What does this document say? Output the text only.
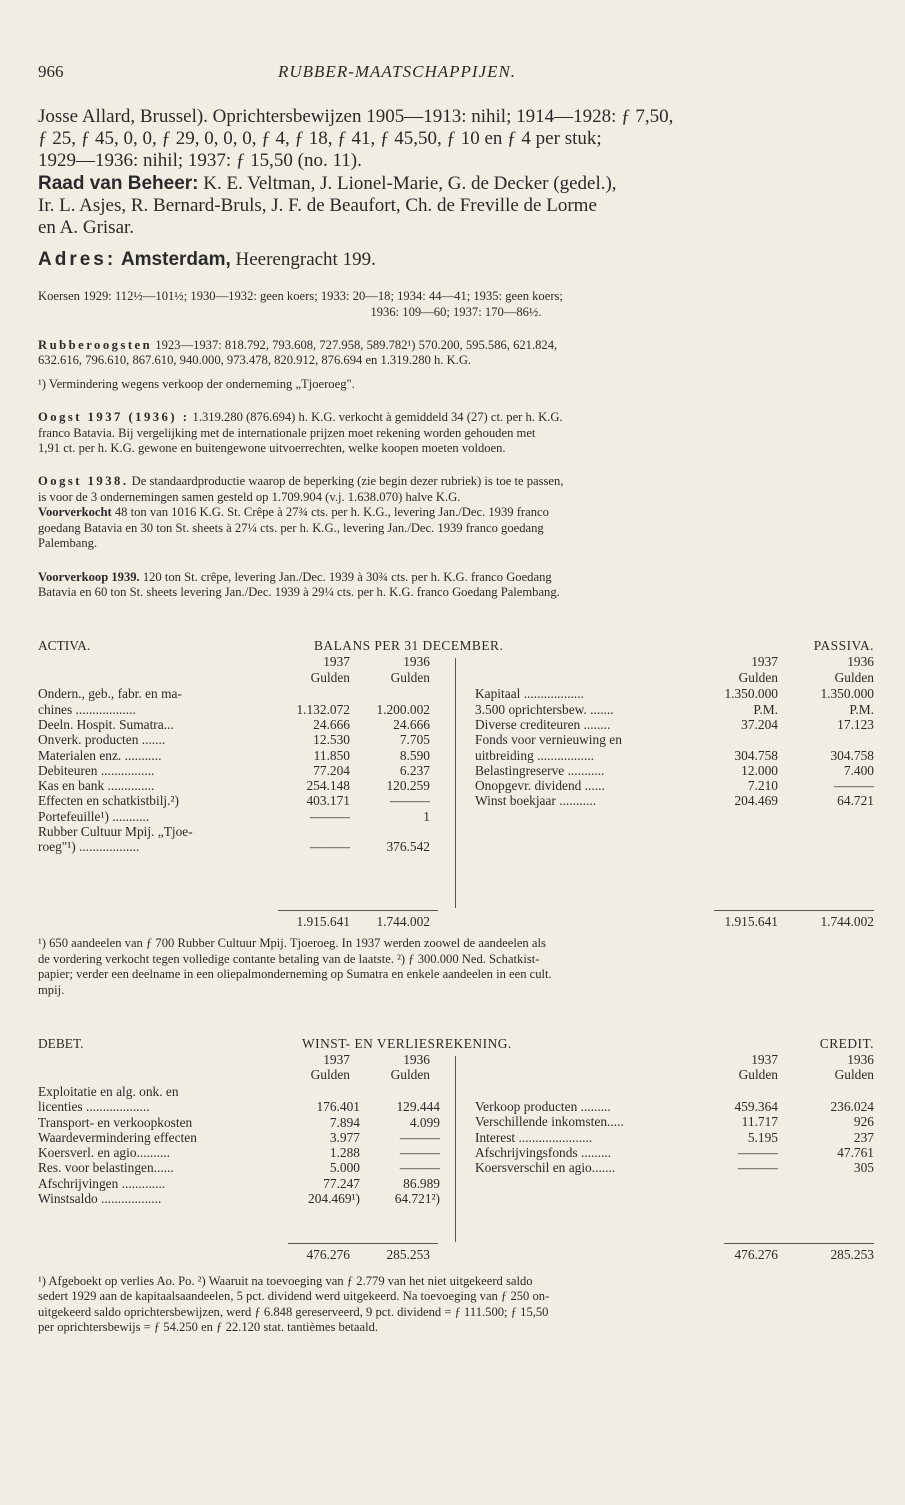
966	RUBBER-MAATSCHAPPIJEN.

Josse Allard, Brussel). Oprichtersbewijzen 1905—1913: nihil; 1914—1928: ƒ 7,50,

ƒ 25, ƒ 45, 0, 0, ƒ 29, 0, 0, 0, ƒ 4, ƒ 18, ƒ 41, ƒ 45,50, ƒ 10 en ƒ 4 per stuk;

1929—1936: nihil; 1937: ƒ 15,50 (no. 11).

Raad van Beheer: K. E. Veltman, J. Lionel-Marie, G. de Decker (gedel.),

Ir. L. Asjes, R. Bernard-Bruls, J. F. de Beaufort, Ch. de Freville de Lorme

en A. Grisar.

Adres: Amsterdam, Heerengracht 199.

Koersen 1929: 112½—101½; 1930—1932: geen koers; 1933: 20—18; 1934: 44—41; 1935: geen koers;

1936: 109—60; 1937: 170—86½.

Rubberoogsten 1923—1937: 818.792, 793.608, 727.958, 589.782¹) 570.200, 595.586, 621.824,

632.616, 796.610, 867.610, 940.000, 973.478, 820.912, 876.694 en 1.319.280 h. K.G.

¹) Vermindering wegens verkoop der onderneming „Tjoeroeg".

Oogst 1937 (1936) : 1.319.280 (876.694) h. K.G. verkocht à gemiddeld 34 (27) ct. per h. K.G.

franco Batavia. Bij vergelijking met de internationale prijzen moet rekening worden gehouden met

1,91 ct. per h. K.G. gewone en buitengewone uitvoerrechten, welke koopen moeten voldoen.

Oogst 1938. De standaardproductie waarop de beperking (zie begin dezer rubriek) is toe te passen,

is voor de 3 ondernemingen samen gesteld op 1.709.904 (v.j. 1.638.070) halve K.G.

Voorverkocht 48 ton van 1016 K.G. St. Crêpe à 27¾ cts. per h. K.G., levering Jan./Dec. 1939 franco

goedang Batavia en 30 ton St. sheets à 27¼ cts. per h. K.G., levering Jan./Dec. 1939 franco goedang

Palembang.

Voorverkoop 1939. 120 ton St. crêpe, levering Jan./Dec. 1939 à 30¾ cts. per h. K.G. franco Goedang

Batavia en 60 ton St. sheets levering Jan./Dec. 1939 à 29¼ cts. per h. K.G. franco Goedang Palembang.

ACTIVA.	BALANS PER 31 DECEMBER.	PASSIVA.
1937	1936	1937	1936
Gulden	Gulden	Gulden	Gulden
Ondern., geb., fabr. en ma-
chines ..................	1.132.072	1.200.002
Deeln. Hospit. Sumatra...	24.666	24.666
Onverk. producten .......	12.530	7.705
Materialen enz. ...........	11.850	8.590
Debiteuren ................	77.204	6.237
Kas en bank ..............	254.148	120.259
Effecten en schatkistbilj.²)	403.171	———
Portefeuille¹) ...........	———	1
Rubber Cultuur Mpij. „Tjoe-
roeg"¹) ..................	———	376.542
Kapitaal ..................	1.350.000	1.350.000
3.500 oprichtersbew. .......	P.M.	P.M.
Diverse crediteuren ........	37.204	17.123
Fonds voor vernieuwing en
uitbreiding .................	304.758	304.758
Belastingreserve ...........	12.000	7.400
Onopgevr. dividend ......	7.210	———
Winst boekjaar ...........	204.469	64.721
1.915.641	1.744.002	1.915.641	1.744.002

¹) 650 aandeelen van ƒ 700 Rubber Cultuur Mpij. Tjoeroeg. In 1937 werden zoowel de aandeelen als

de vordering verkocht tegen volledige contante betaling van de laatste. ²) ƒ 300.000 Ned. Schatkist-

papier; verder een deelname in een oliepalmonderneming op Sumatra en enkele aandeelen in een cult.

mpij.

DEBET.	WINST- EN VERLIESREKENING.	CREDIT.
1937	1936	1937	1936
Gulden	Gulden	Gulden	Gulden
Exploitatie en alg. onk. en
licenties ...................	176.401	129.444
Transport- en verkoopkosten	7.894	4.099
Waardevermindering effecten	3.977	———
Koersverl. en agio..........	1.288	———
Res. voor belastingen......	5.000	———
Afschrijvingen .............	77.247	86.989
Winstsaldo ..................	204.469¹)	64.721²)
Verkoop producten .........	459.364	236.024
Verschillende inkomsten.....	11.717	926
Interest ......................	5.195	237
Afschrijvingsfonds .........	———	47.761
Koersverschil en agio.......	———	305
476.276	285.253	476.276	285.253

¹) Afgeboekt op verlies Ao. Po. ²) Waaruit na toevoeging van ƒ 2.779 van het niet uitgekeerd saldo

sedert 1929 aan de kapitaalsaandeelen, 5 pct. dividend werd uitgekeerd. Na toevoeging van ƒ 250 on-

uitgekeerd saldo oprichtersbewijzen, werd ƒ 6.848 gereserveerd, 9 pct. dividend = ƒ 111.500; ƒ 15,50

per oprichtersbewijs = ƒ 54.250 en ƒ 22.120 stat. tantièmes betaald.
